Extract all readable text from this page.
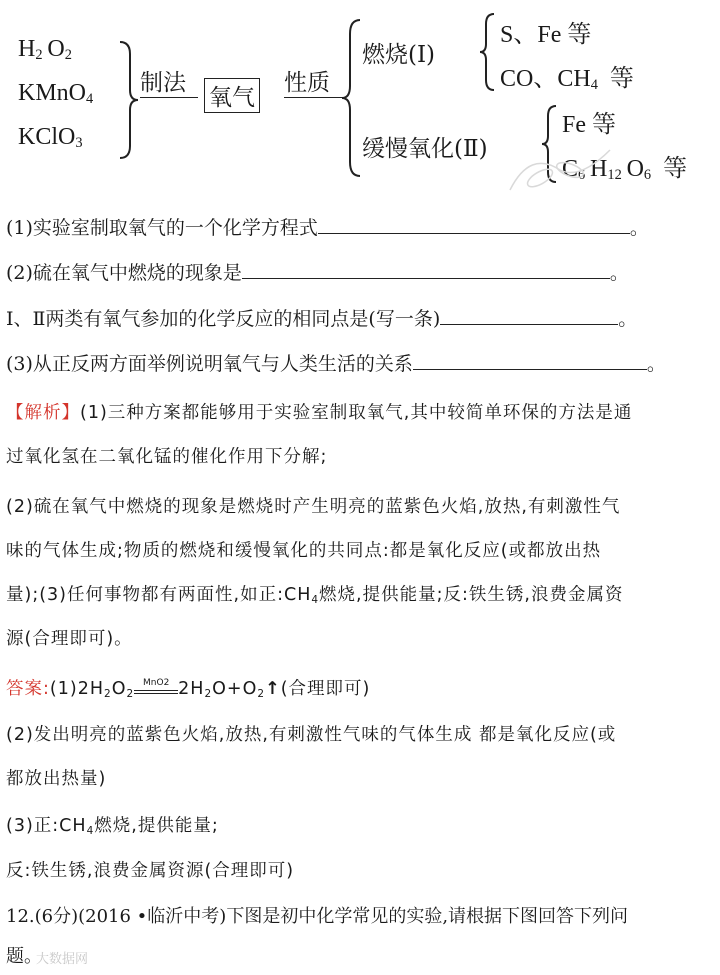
$H_2$  $O_2$
KMnO$_4$
KClO$_3$
制法
氧气
性质
燃烧(Ⅰ)
S、Fe 等
CO、$CH_4$ 等
缓慢氧化(Ⅱ)
Fe 等
$C_6$  $H_{12}$  $O_6$ 等
(1)实验室制取氧气的一个化学方程式	。
(2)硫在氧气中燃烧的现象是	。
Ⅰ、Ⅱ两类有氧气参加的化学反应的相同点是(写一条)	。
(3)从正反两方面举例说明氧气与人类生活的关系	。
【解析】(1)三种方案都能够用于实验室制取氧气,其中较简单环保的方法是通
过氧化氢在二氧化锰的催化作用下分解;
(2)硫在氧气中燃烧的现象是燃烧时产生明亮的蓝紫色火焰,放热,有刺激性气
味的气体生成;物质的燃烧和缓慢氧化的共同点:都是氧化反应(或都放出热
量);(3)任何事物都有两面性,如正$:CH_4$燃烧,提供能量;反:铁生锈,浪费金属资
源(合理即可)。
答案$:(1)2H_2O_2$
MnO2 $2H_2O+O_2↑$(合理即可)
(2)发出明亮的蓝紫色火焰,放热,有刺激性气味的气体生成 都是氧化反应(或
都放出热量)
(3)正$:CH_4$燃烧,提供能量;
反:铁生锈,浪费金属资源(合理即可)
12.(6分)(2016 •临沂中考)下图是初中化学常见的实验,请根据下图回答下列问
题。
大数据网
